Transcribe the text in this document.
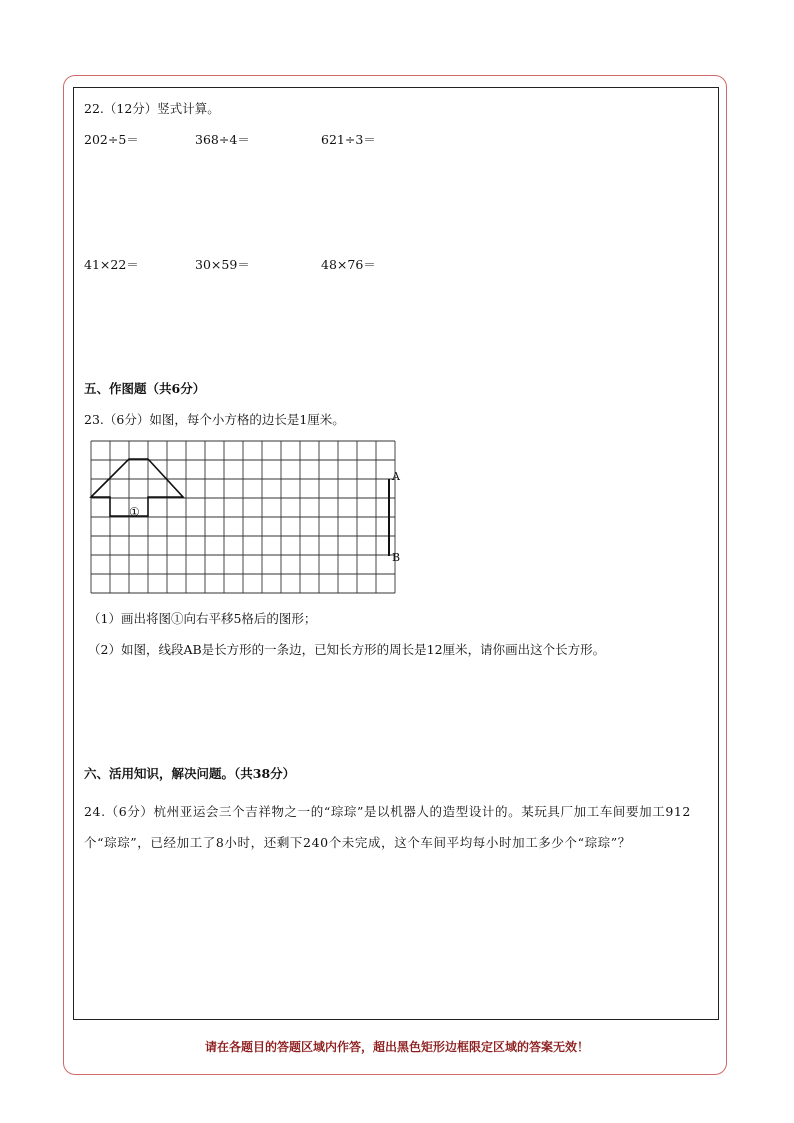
22.（12分）竖式计算。
202÷5＝	368÷4＝	621÷3＝
41×22＝	30×59＝	48×76＝
五、作图题（共6分）
23.（6分）如图，每个小方格的边长是1厘米。
①
A
B
（1）画出将图①向右平移5格后的图形；
（2）如图，线段AB是长方形的一条边，已知长方形的周长是12厘米，请你画出这个长方形。
六、活用知识，解决问题。（共38分）
24.（6分）杭州亚运会三个吉祥物之一的“琮琮”是以机器人的造型设计的。某玩具厂加工车间要加工912个“琮琮”，已经加工了8小时，还剩下240个未完成，这个车间平均每小时加工多少个“琮琮”？
请在各题目的答题区域内作答，超出黑色矩形边框限定区域的答案无效！
